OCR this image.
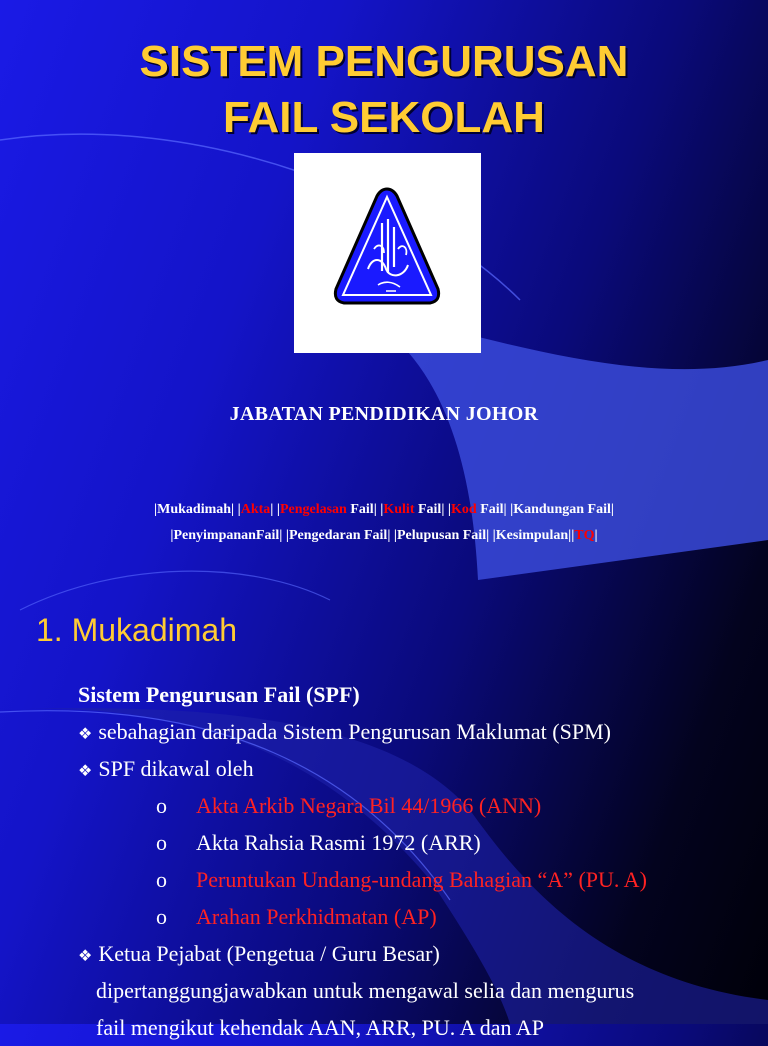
SISTEM PENGURUSAN
FAIL SEKOLAH
JABATAN PENDIDIKAN JOHOR
|Mukadimah| |Akta| |Pengelasan Fail| |Kulit Fail| |Kod Fail| |Kandungan Fail|
|PenyimpananFail| |Pengedaran Fail| |Pelupusan Fail| |Kesimpulan||TQ|
1. Mukadimah
Sistem Pengurusan Fail (SPF)
❖ sebahagian daripada Sistem Pengurusan Maklumat (SPM)
❖ SPF dikawal oleh
o	Akta Arkib Negara Bil 44/1966 (ANN)
o	Akta Rahsia Rasmi 1972 (ARR)
o	Peruntukan Undang-undang Bahagian “A” (PU. A)
o	Arahan Perkhidmatan (AP)
❖ Ketua Pejabat (Pengetua / Guru Besar)
dipertanggungjawabkan untuk mengawal selia dan mengurus
fail mengikut kehendak AAN, ARR, PU. A dan AP
